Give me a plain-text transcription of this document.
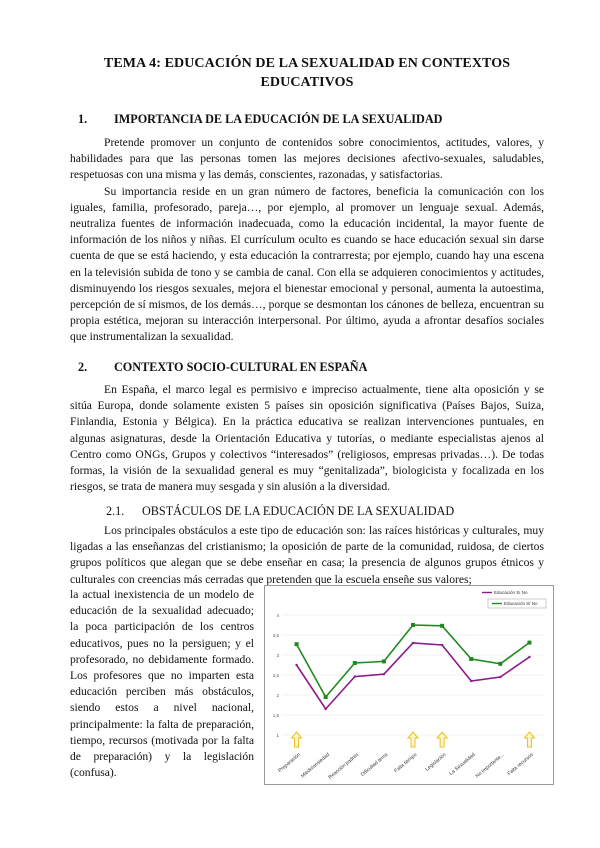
TEMA 4: EDUCACIÓN DE LA SEXUALIDAD EN CONTEXTOS
EDUCATIVOS
1. IMPORTANCIA DE LA EDUCACIÓN DE LA SEXUALIDAD

Pretende promover un conjunto de contenidos sobre conocimientos, actitudes, valores, y habilidades para que las personas tomen las mejores decisiones afectivo-sexuales, saludables, respetuosas con una misma y las demás, conscientes, razonadas, y satisfactorias.

Su importancia reside en un gran número de factores, beneficia la comunicación con los iguales, familia, profesorado, pareja…, por ejemplo, al promover un lenguaje sexual. Además, neutraliza fuentes de información inadecuada, como la educación incidental, la mayor fuente de información de los niños y niñas. El currículum oculto es cuando se hace educación sexual sin darse cuenta de que se está haciendo, y esta educación la contrarresta; por ejemplo, cuando hay una escena en la televisión subida de tono y se cambia de canal. Con ella se adquieren conocimientos y actitudes, disminuyendo los riesgos sexuales, mejora el bienestar emocional y personal, aumenta la autoestima, percepción de sí mismos, de los demás…, porque se desmontan los cánones de belleza, encuentran su propia estética, mejoran su interacción interpersonal. Por último, ayuda a afrontar desafíos sociales que instrumentalizan la sexualidad.

2. CONTEXTO SOCIO-CULTURAL EN ESPAÑA

En España, el marco legal es permisivo e impreciso actualmente, tiene alta oposición y se sitúa Europa, donde solamente existen 5 países sin oposición significativa (Países Bajos, Suiza, Finlandia, Estonia y Bélgica). En la práctica educativa se realizan intervenciones puntuales, en algunas asignaturas, desde la Orientación Educativa y tutorías, o mediante especialistas ajenos al Centro como ONGs, Grupos y colectivos “interesados” (religiosos, empresas privadas…). De todas formas, la visión de la sexualidad general es muy “genitalizada”, biologicista y focalizada en los riesgos, se trata de manera muy sesgada y sin alusión a la diversidad.

2.1. OBSTÁCULOS DE LA EDUCACIÓN DE LA SEXUALIDAD

Los principales obstáculos a este tipo de educación son: las raíces históricas y culturales, muy ligadas a las enseñanzas del cristianismo; la oposición de parte de la comunidad, ruidosa, de ciertos grupos políticos que alegan que se debe enseñar en casa; la presencia de algunos grupos étnicos y culturales con creencias más cerradas que pretenden que la escuela enseñe sus valores;

la actual inexistencia de un modelo de educación de la sexualidad adecuado; la poca participación de los centros educativos, pues no la persiguen; y el profesorado, no debidamente formado. Los profesores que no imparten esta educación perciben más obstáculos, siendo estos a nivel nacional, principalmente: la falta de preparación, tiempo, recursos (motivada por la falta de preparación) y la legislación (confusa).
1
1,5
2
2,5
3
3,5
4
Preparación
Miedo/ansiedad
Reacción padres Dificultad tema Falta tiempo Legislación La Sexualidad
No importante... Falta recursos
Educación Sí No
Educación Sí No
